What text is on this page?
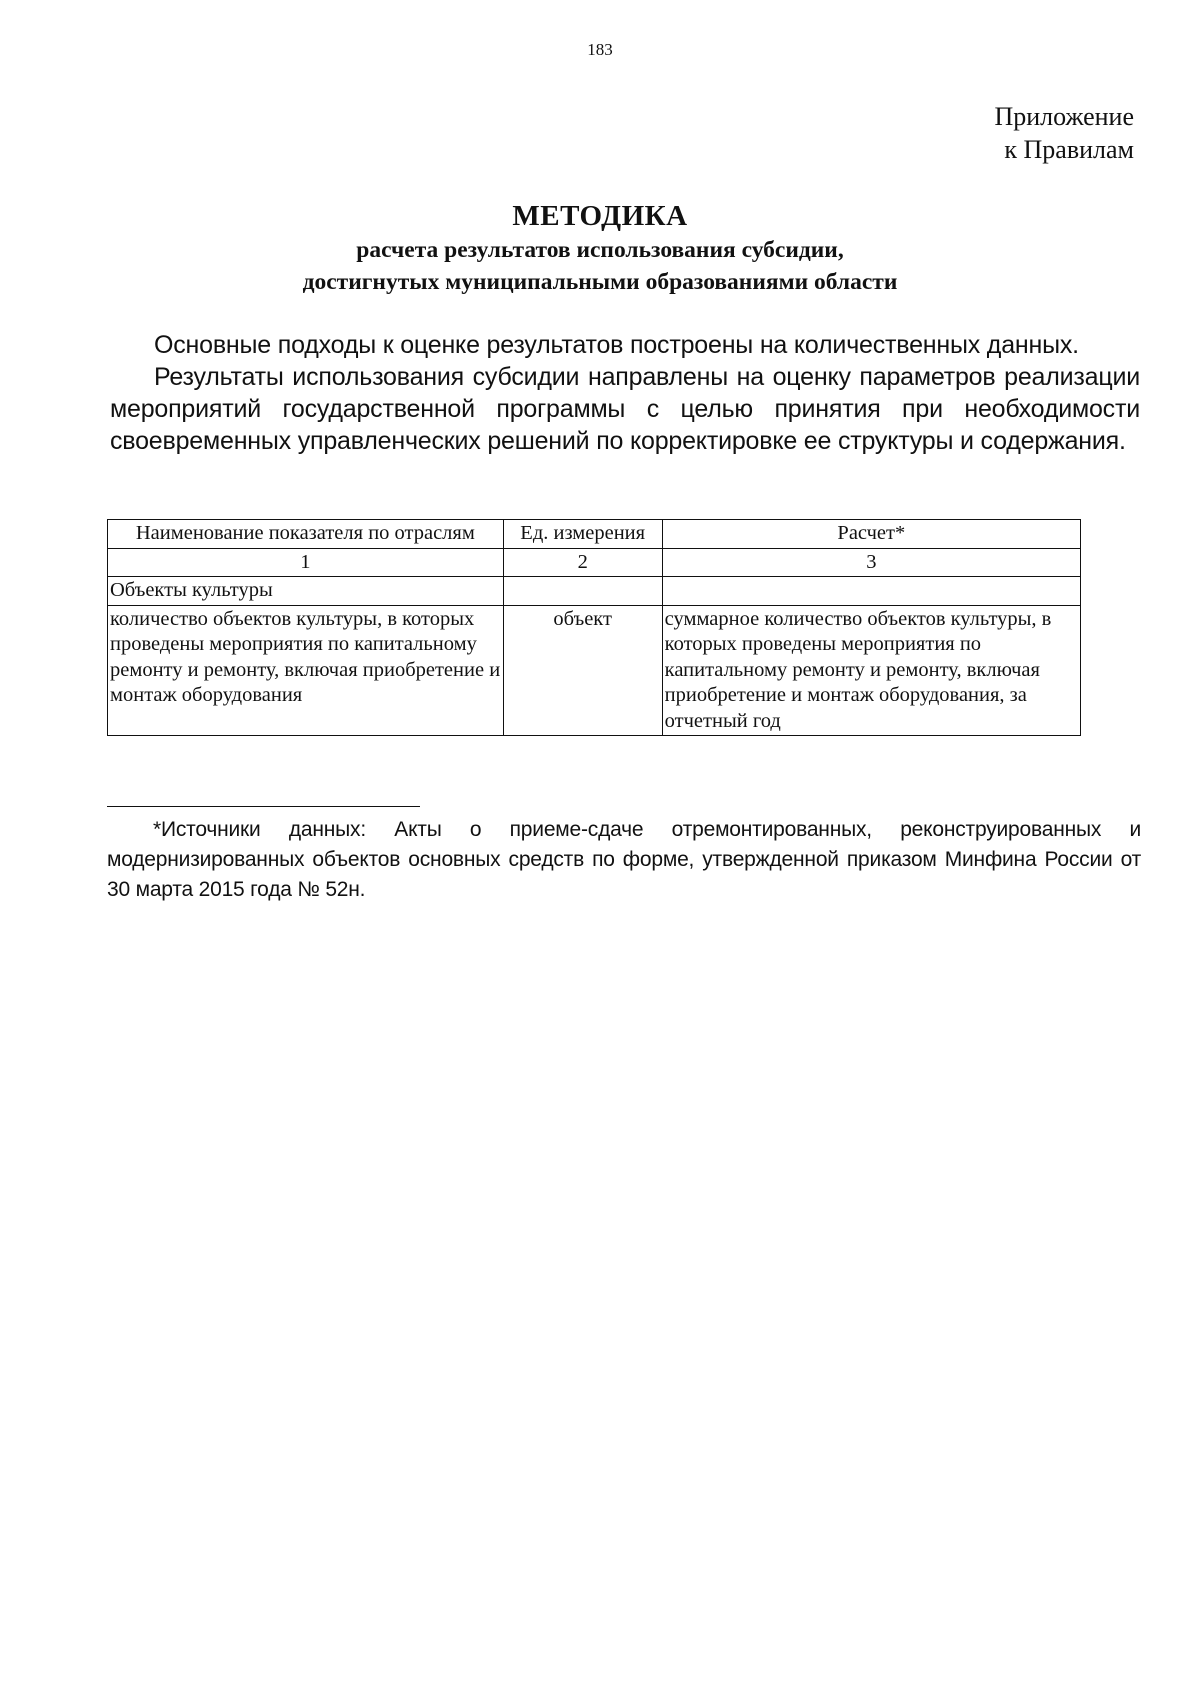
183
Приложение
к Правилам
МЕТОДИКА
расчета результатов использования субсидии,
достигнутых муниципальными образованиями области

Основные подходы к оценке результатов построены на количественных данных.

Результаты использования субсидии направлены на оценку параметров реализации мероприятий государственной программы с целью принятия при необходимости своевременных управленческих решений по корректировке ее структуры и содержания.

Наименование показателя по отраслям	Ед. измерения	Расчет*
1	2	3
Объекты культуры		
количество объектов культуры, в которых проведены мероприятия по капитальному ремонту и ремонту, включая приобретение и монтаж оборудования	объект	суммарное количество объектов культуры, в которых проведены мероприятия по капитальному ремонту и ремонту, включая приобретение и монтаж оборудования, за отчетный год

*Источники данных: Акты о приеме-сдаче отремонтированных, реконструированных и модернизированных объектов основных средств по форме, утвержденной приказом Минфина России от 30 марта 2015 года № 52н.
